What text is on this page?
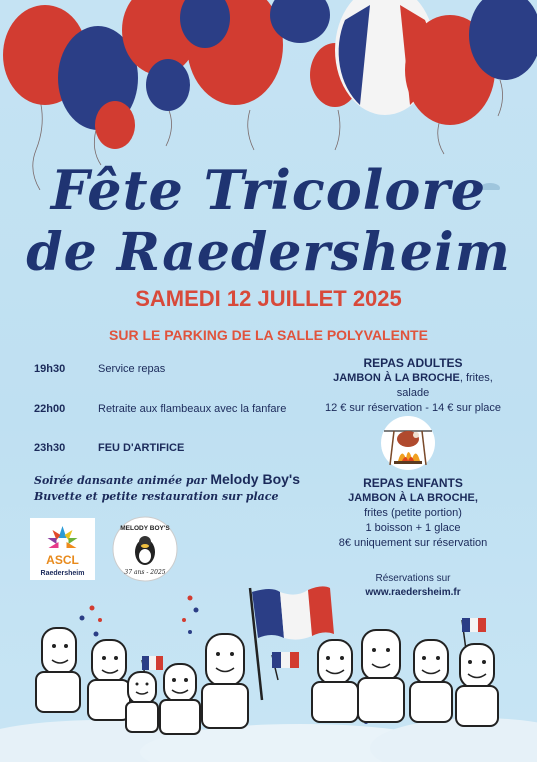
Fête Tricolore
de Raedersheim
SAMEDI 12 JUILLET 2025
SUR LE PARKING DE LA SALLE POLYVALENTE
19h30	Service repas
22h00	Retraite aux flambeaux avec la fanfare
23h30	FEU D'ARTIFICE
REPAS ADULTES
JAMBON À LA BROCHE, frites, salade
12 € sur réservation - 14 € sur place
REPAS ENFANTS
JAMBON À LA BROCHE,
frites (petite portion)
1 boisson + 1 glace
8€ uniquement sur réservation
Soirée dansante animée par Melody Boy's
Buvette et petite restauration sur place
ASCL
Raedersheim
MELODY BOY'S
37 ans - 2025
Réservations sur
www.raedersheim.fr
